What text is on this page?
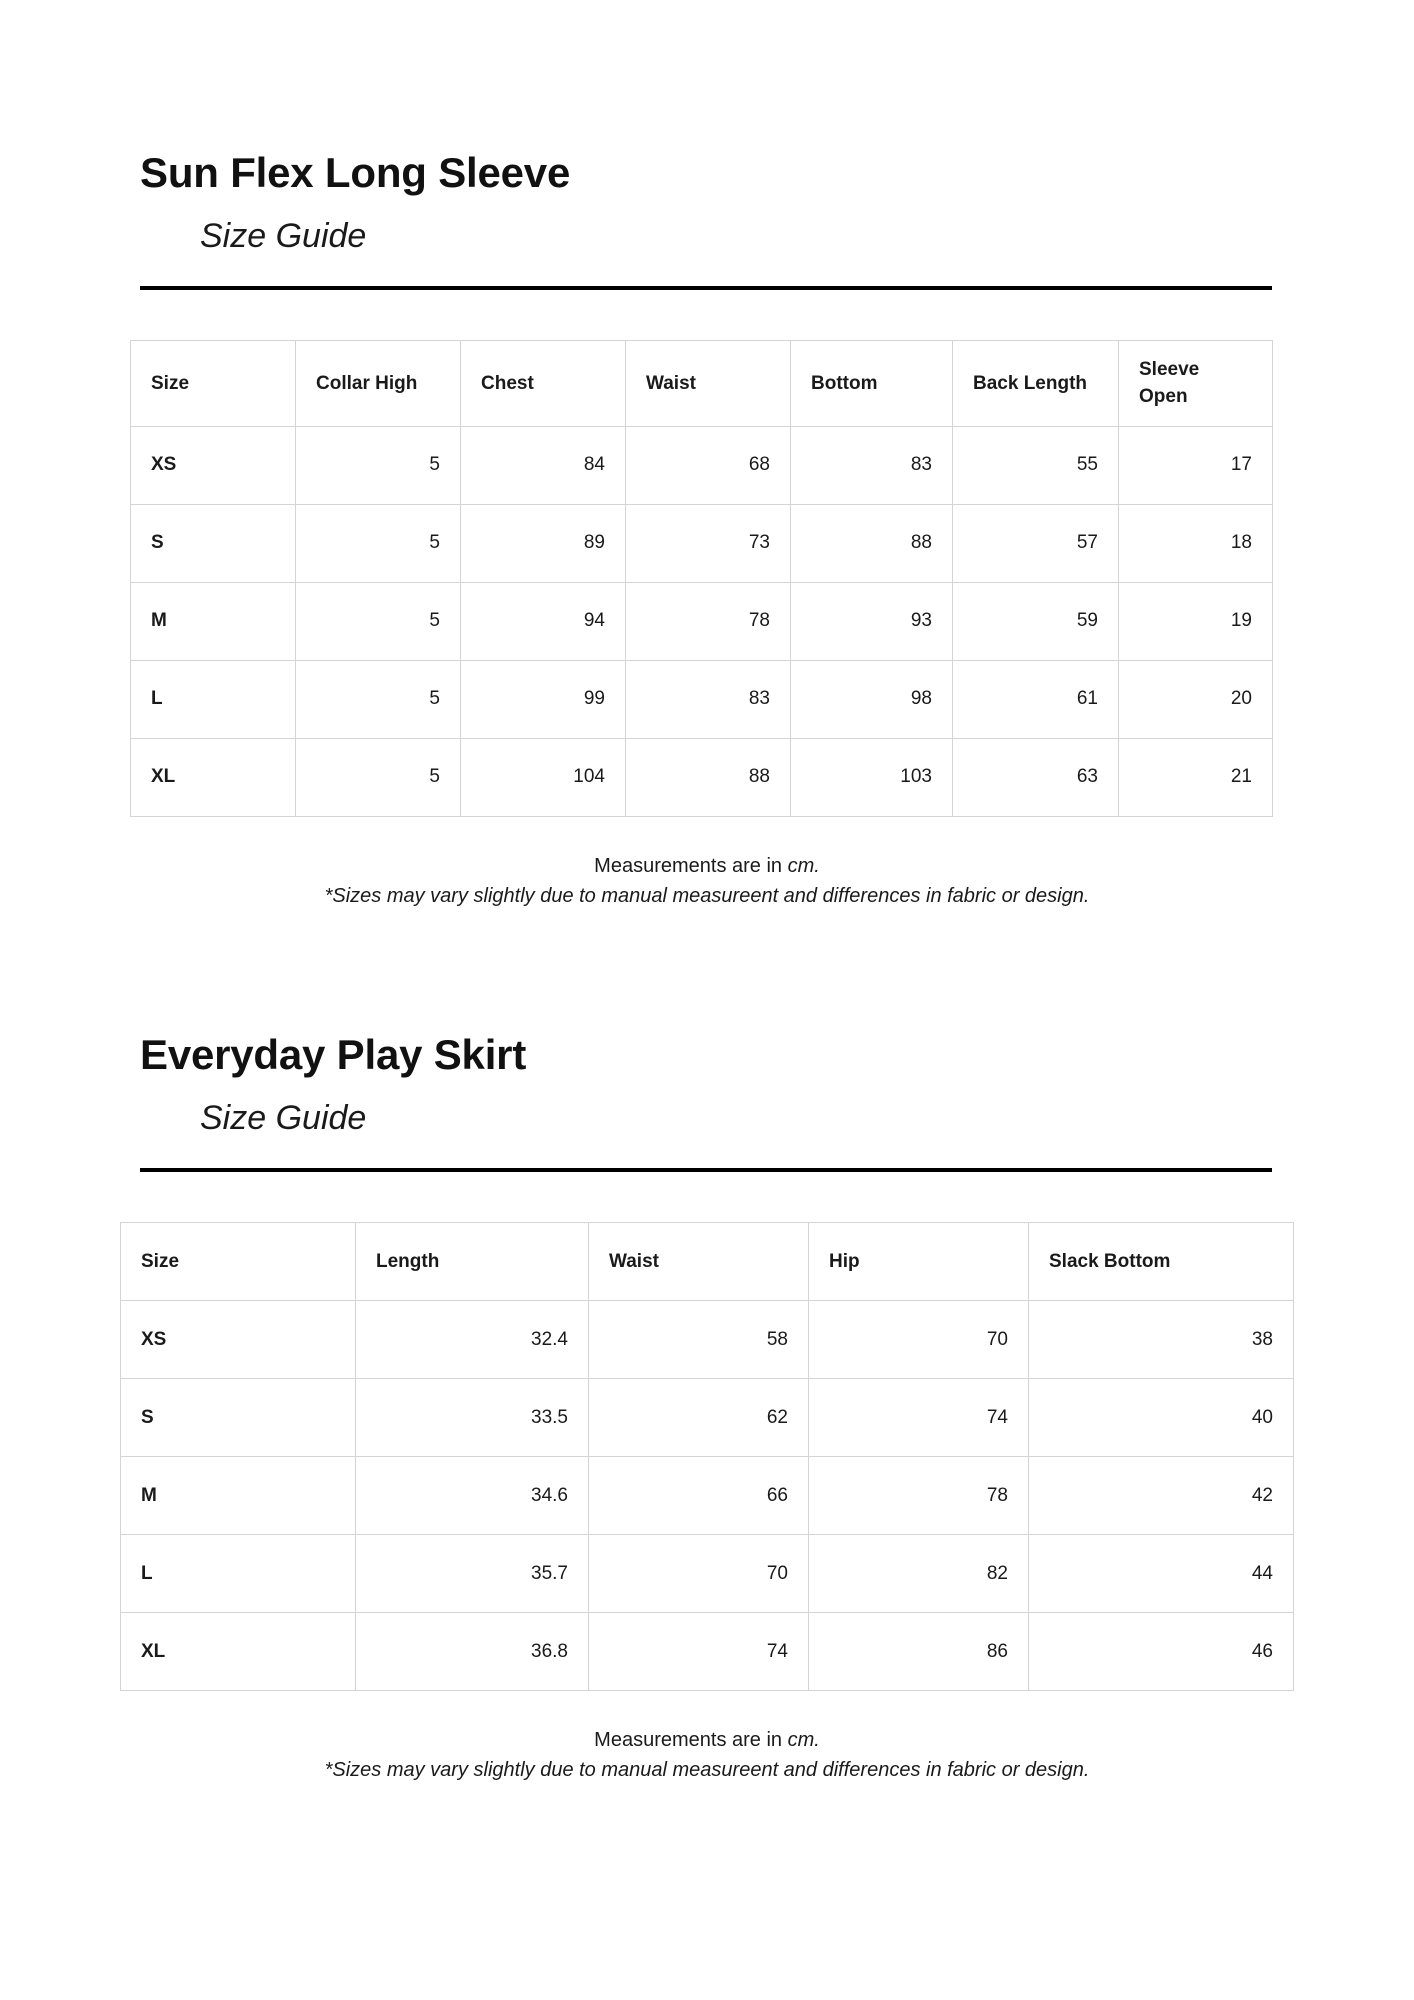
Sun Flex Long Sleeve
Size Guide
Size	Collar High	Chest	Waist	Bottom	Back Length	Sleeve Open
XS	5	84	68	83	55	17
S	5	89	73	88	57	18
M	5	94	78	93	59	19
L	5	99	83	98	61	20
XL	5	104	88	103	63	21
Measurements are in cm.
*Sizes may vary slightly due to manual measureent and differences in fabric or design.
Everyday Play Skirt
Size Guide
Size	Length	Waist	Hip	Slack Bottom
XS	32.4	58	70	38
S	33.5	62	74	40
M	34.6	66	78	42
L	35.7	70	82	44
XL	36.8	74	86	46
Measurements are in cm.
*Sizes may vary slightly due to manual measureent and differences in fabric or design.
